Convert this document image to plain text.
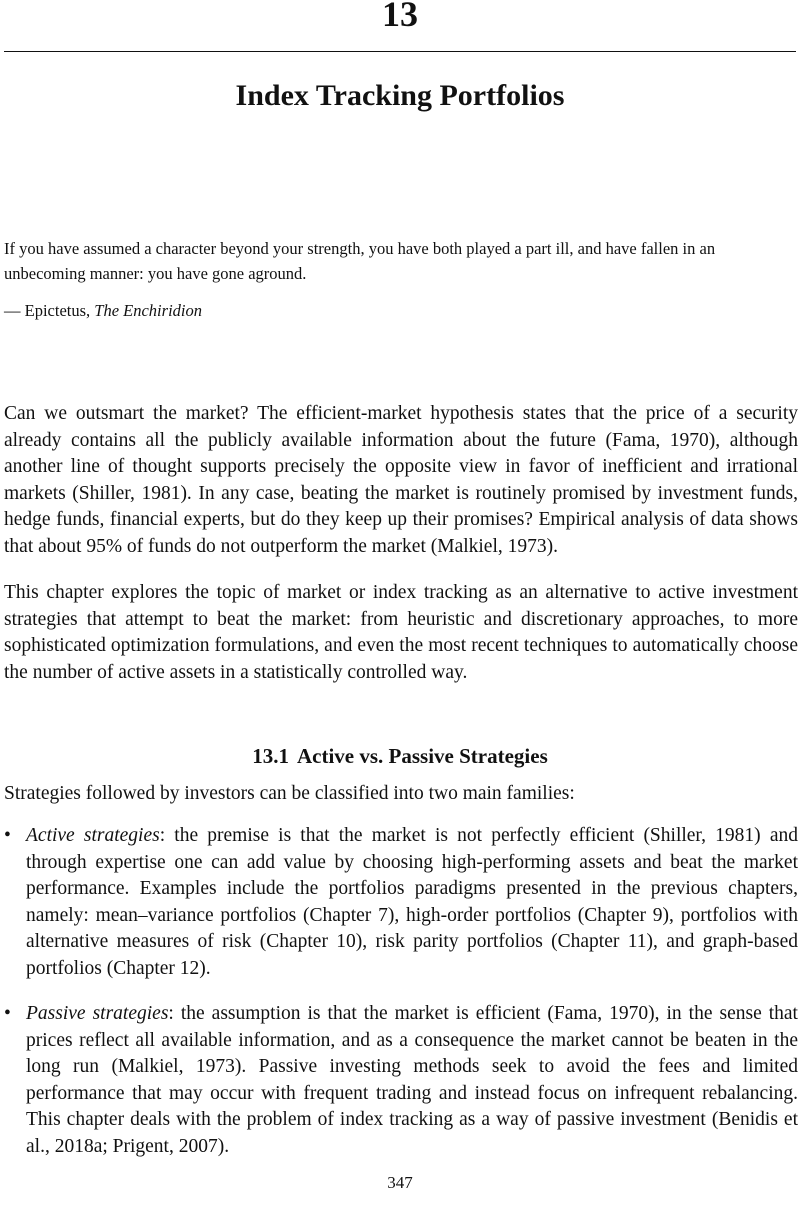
13
Index Tracking Portfolios

If you have assumed a character beyond your strength, you have both played a part ill, and have fallen in an unbecoming manner: you have gone aground.

— Epictetus, The Enchiridion

Can we outsmart the market? The efficient-market hypothesis states that the price of a security already contains all the publicly available information about the future (Fama, 1970), although another line of thought supports precisely the opposite view in favor of inefficient and irrational markets (Shiller, 1981). In any case, beating the market is routinely promised by investment funds, hedge funds, financial experts, but do they keep up their promises? Empirical analysis of data shows that about 95% of funds do not outperform the market (Malkiel, 1973).

This chapter explores the topic of market or index tracking as an alternative to active investment strategies that attempt to beat the market: from heuristic and discretionary approaches, to more sophisticated optimization formulations, and even the most recent techniques to automatically choose the number of active assets in a statistically controlled way.

13.1 Active vs. Passive Strategies

Strategies followed by investors can be classified into two main families:

• Active strategies: the premise is that the market is not perfectly efficient (Shiller, 1981) and through expertise one can add value by choosing high-performing assets and beat the market performance. Examples include the portfolios paradigms presented in the previous chapters, namely: mean–variance portfolios (Chapter 7), high-order portfolios (Chapter 9), portfolios with alternative measures of risk (Chapter 10), risk parity portfolios (Chapter 11), and graph-based portfolios (Chapter 12).
• Passive strategies: the assumption is that the market is efficient (Fama, 1970), in the sense that prices reflect all available information, and as a consequence the market cannot be beaten in the long run (Malkiel, 1973). Passive investing methods seek to avoid the fees and limited performance that may occur with frequent trading and instead focus on infrequent rebalancing. This chapter deals with the problem of index tracking as a way of passive investment (Benidis et al., 2018a; Prigent, 2007).
347
